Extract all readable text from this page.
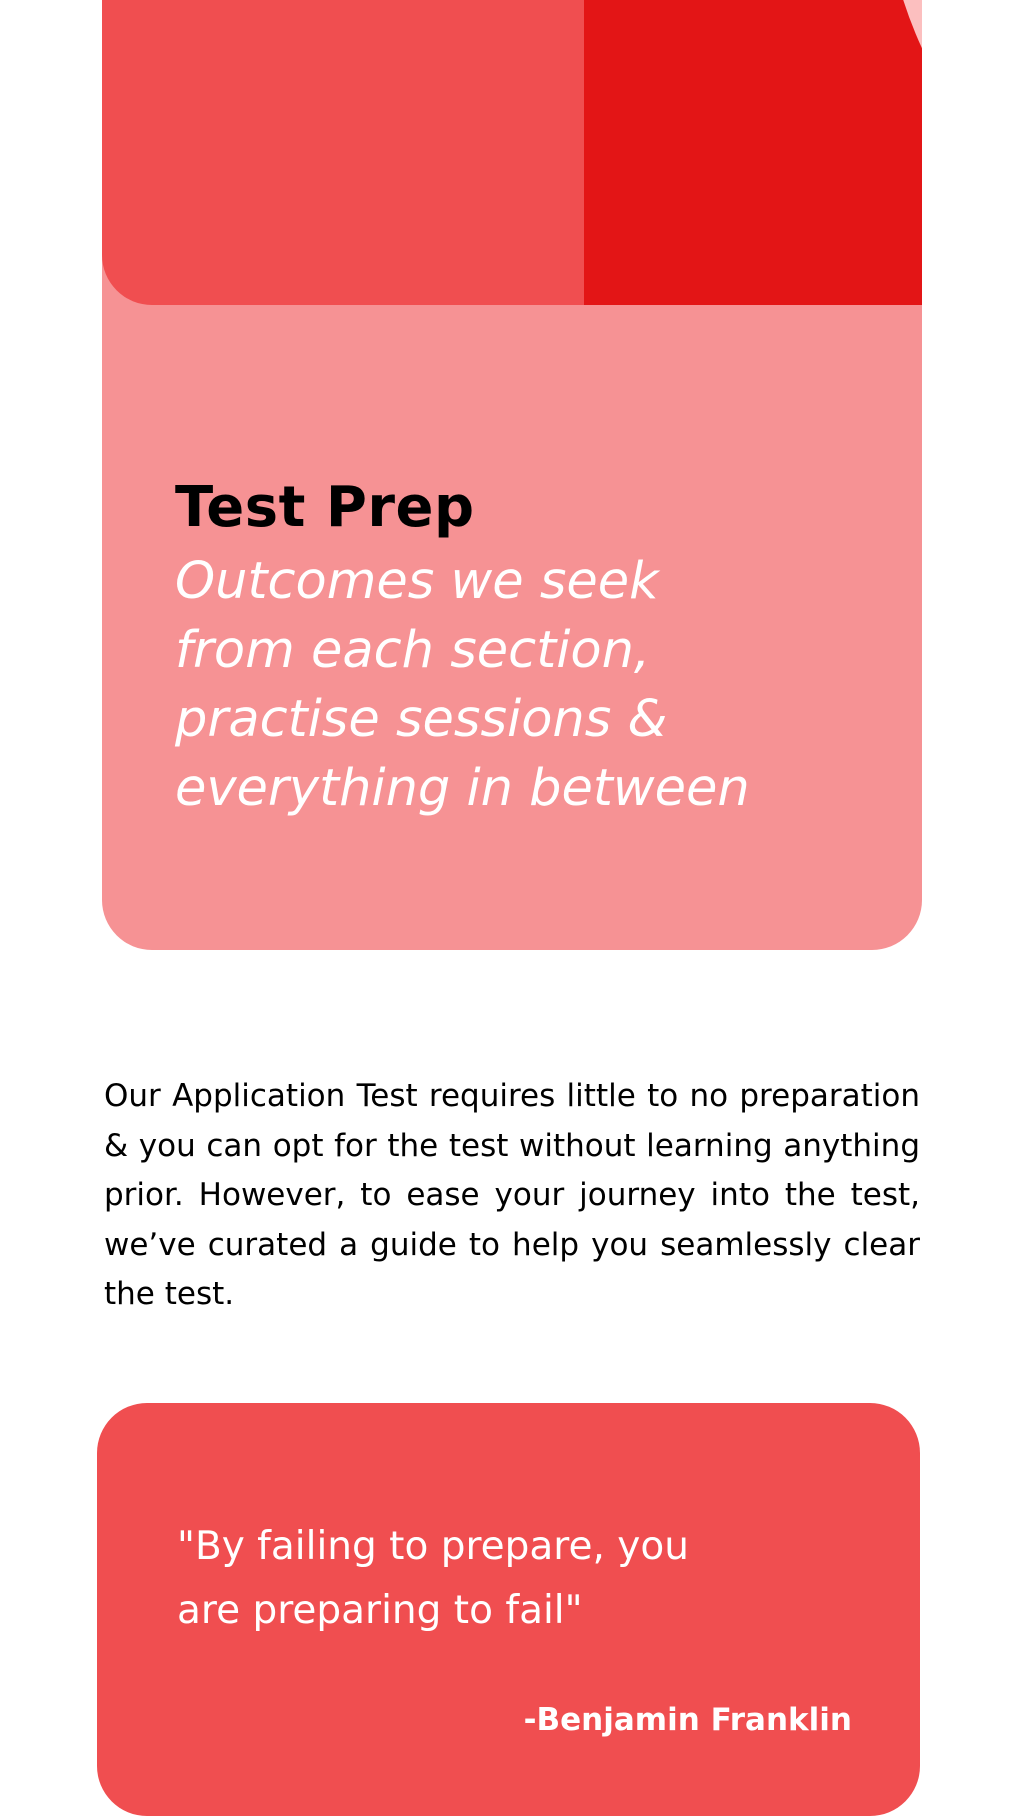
Test Prep
Outcomes we seek
from each section,
practise sessions &
everything in between

Our Application Test requires little to no preparation & you can opt for the test without learning anything prior. However, to ease your journey into the test, we’ve curated a guide to help you seamlessly clear the test.

"By failing to prepare, you
are preparing to fail"

-Benjamin Franklin
